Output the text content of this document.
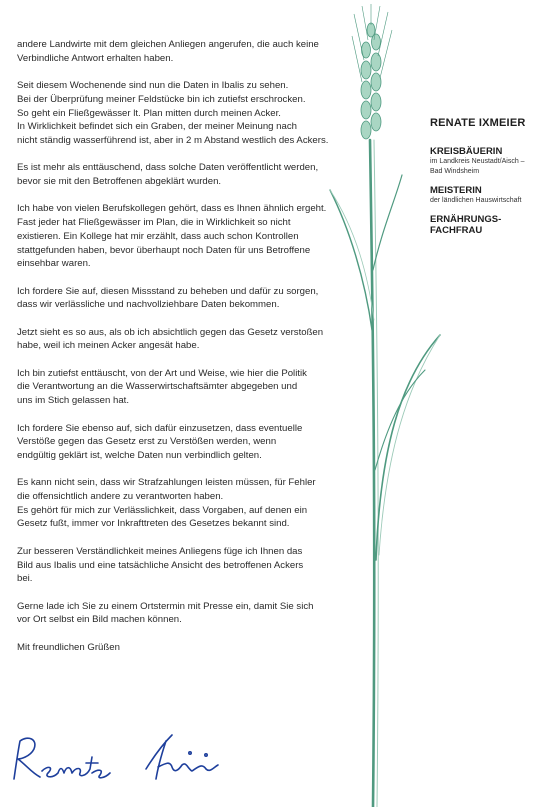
andere Landwirte mit dem gleichen Anliegen angerufen, die auch keine
Verbindliche Antwort erhalten haben.

Seit diesem Wochenende sind nun die Daten in Ibalis zu sehen.
Bei der Überprüfung meiner Feldstücke bin ich zutiefst erschrocken.
So geht ein Fließgewässer lt. Plan mitten durch meinen Acker.
In Wirklichkeit befindet sich ein Graben, der meiner Meinung nach
nicht ständig wasserführend ist, aber in 2 m Abstand westlich des Ackers.

Es ist mehr als enttäuschend, dass solche Daten veröffentlicht werden,
bevor sie mit den Betroffenen abgeklärt wurden.

Ich habe von vielen Berufskollegen gehört, dass es Ihnen ähnlich ergeht.
Fast jeder hat Fließgewässer im Plan, die in Wirklichkeit so nicht
existieren. Ein Kollege hat mir erzählt, dass auch schon Kontrollen
stattgefunden haben, bevor überhaupt noch Daten für uns Betroffene
einsehbar waren.

Ich fordere Sie auf, diesen Missstand zu beheben und dafür zu sorgen,
dass wir verlässliche und nachvollziehbare Daten bekommen.

Jetzt sieht es so aus, als ob ich absichtlich gegen das Gesetz verstoßen
habe, weil ich meinen Acker angesät habe.

Ich bin zutiefst enttäuscht, von der Art und Weise, wie hier die Politik
die Verantwortung an die Wasserwirtschaftsämter abgegeben und
uns im Stich gelassen hat.

Ich fordere Sie ebenso auf, sich dafür einzusetzen, dass eventuelle
Verstöße gegen das Gesetz erst zu Verstößen werden, wenn
endgültig geklärt ist, welche Daten nun verbindlich gelten.

Es kann nicht sein, dass wir Strafzahlungen leisten müssen, für Fehler
die offensichtlich andere zu verantworten haben.
Es gehört für mich zur Verlässlichkeit, dass Vorgaben, auf denen ein
Gesetz fußt, immer vor Inkrafttreten des Gesetzes bekannt sind.

Zur besseren Verständlichkeit meines Anliegens füge ich Ihnen das
Bild aus Ibalis und eine tatsächliche Ansicht des betroffenen Ackers
bei.

Gerne lade ich Sie zu einem Ortstermin mit Presse ein, damit Sie sich
vor Ort selbst ein Bild machen können.

Mit freundlichen Grüßen

RENATE IXMEIER
KREISBÄUERIN
im Landkreis Neustadt/Aisch –
Bad Windsheim
MEISTERIN
der ländlichen Hauswirtschaft
ERNÄHRUNGS-
FACHFRAU
